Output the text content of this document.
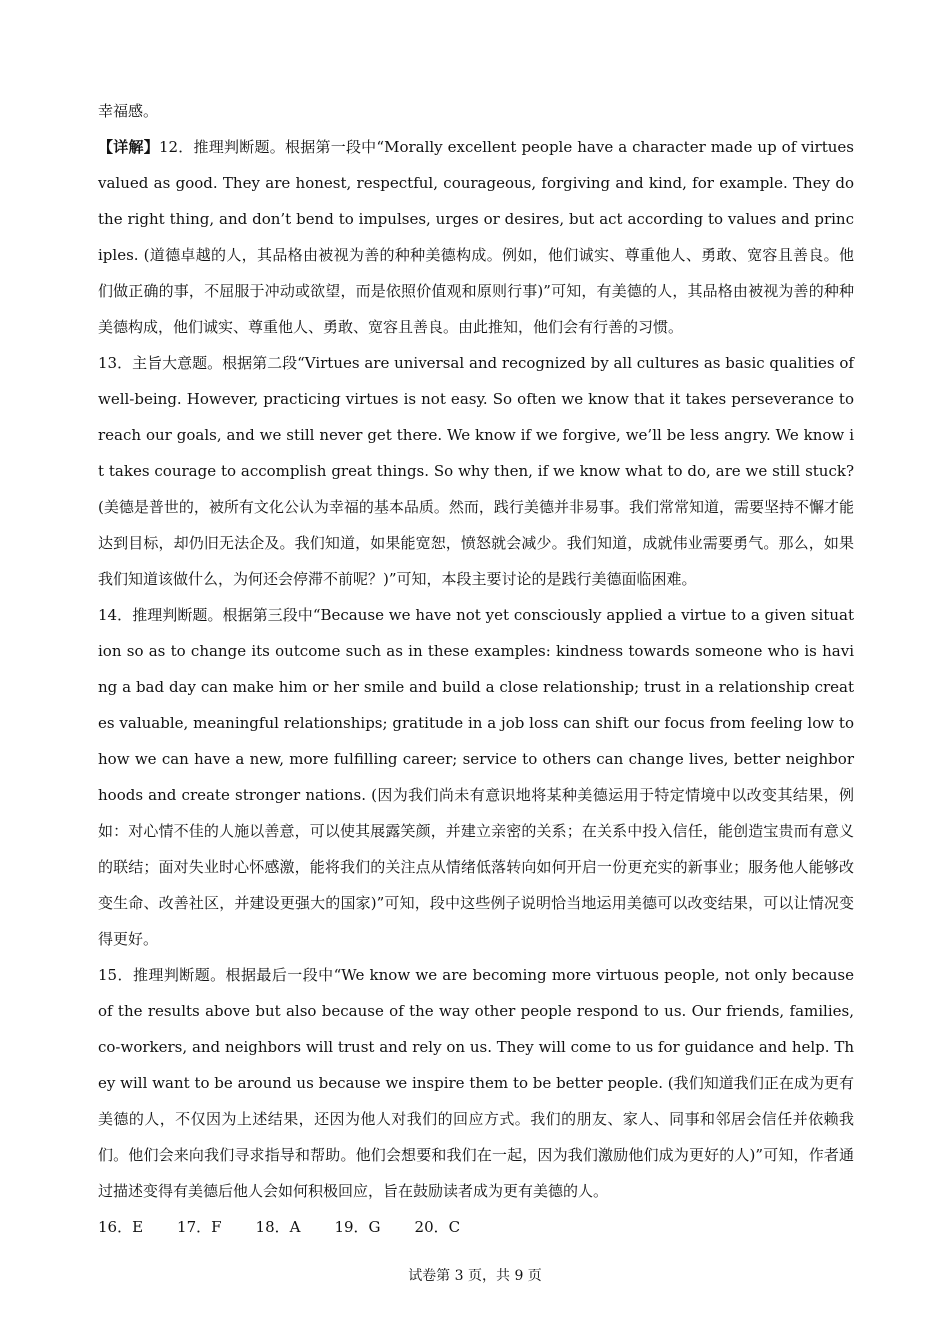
幸福感。

【详解】12．推理判断题。根据第一段中“Morally excellent people have a character made up of virtues valued as good. They are honest, respectful, courageous, forgiving and kind, for example. They do the right thing, and don’t bend to impulses, urges or desires, but act according to values and principles. (道德卓越的人，其品格由被视为善的种种美德构成。例如，他们诚实、尊重他人、勇敢、宽容且善良。他们做正确的事，不屈服于冲动或欲望，而是依照价值观和原则行事)”可知，有美德的人，其品格由被视为善的种种美德构成，他们诚实、尊重他人、勇敢、宽容且善良。由此推知，他们会有行善的习惯。

13．主旨大意题。根据第二段“Virtues are universal and recognized by all cultures as basic qualities of well-being. However, practicing virtues is not easy. So often we know that it takes perseverance to reach our goals, and we still never get there. We know if we forgive, we’ll be less angry. We know it takes courage to accomplish great things. So why then, if we know what to do, are we still stuck?(美德是普世的，被所有文化公认为幸福的基本品质。然而，践行美德并非易事。我们常常知道，需要坚持不懈才能达到目标，却仍旧无法企及。我们知道，如果能宽恕，愤怒就会减少。我们知道，成就伟业需要勇气。那么，如果我们知道该做什么，为何还会停滞不前呢？)”可知，本段主要讨论的是践行美德面临困难。

14．推理判断题。根据第三段中“Because we have not yet consciously applied a virtue to a given situation so as to change its outcome such as in these examples: kindness towards someone who is having a bad day can make him or her smile and build a close relationship; trust in a relationship creates valuable, meaningful relationships; gratitude in a job loss can shift our focus from feeling low to how we can have a new, more fulfilling career; service to others can change lives, better neighborhoods and create stronger nations. (因为我们尚未有意识地将某种美德运用于特定情境中以改变其结果，例如：对心情不佳的人施以善意，可以使其展露笑颜，并建立亲密的关系；在关系中投入信任，能创造宝贵而有意义的联结；面对失业时心怀感激，能将我们的关注点从情绪低落转向如何开启一份更充实的新事业；服务他人能够改变生命、改善社区，并建设更强大的国家)”可知，段中这些例子说明恰当地运用美德可以改变结果，可以让情况变得更好。

15．推理判断题。根据最后一段中“We know we are becoming more virtuous people, not only because of the results above but also because of the way other people respond to us. Our friends, families, co-workers, and neighbors will trust and rely on us. They will come to us for guidance and help. They will want to be around us because we inspire them to be better people. (我们知道我们正在成为更有美德的人，不仅因为上述结果，还因为他人对我们的回应方式。我们的朋友、家人、同事和邻居会信任并依赖我们。他们会来向我们寻求指导和帮助。他们会想要和我们在一起，因为我们激励他们成为更好的人)”可知，作者通过描述变得有美德后他人会如何积极回应，旨在鼓励读者成为更有美德的人。

16．E 17．F 18．A 19．G 20．C

试卷第 3 页，共 9 页
